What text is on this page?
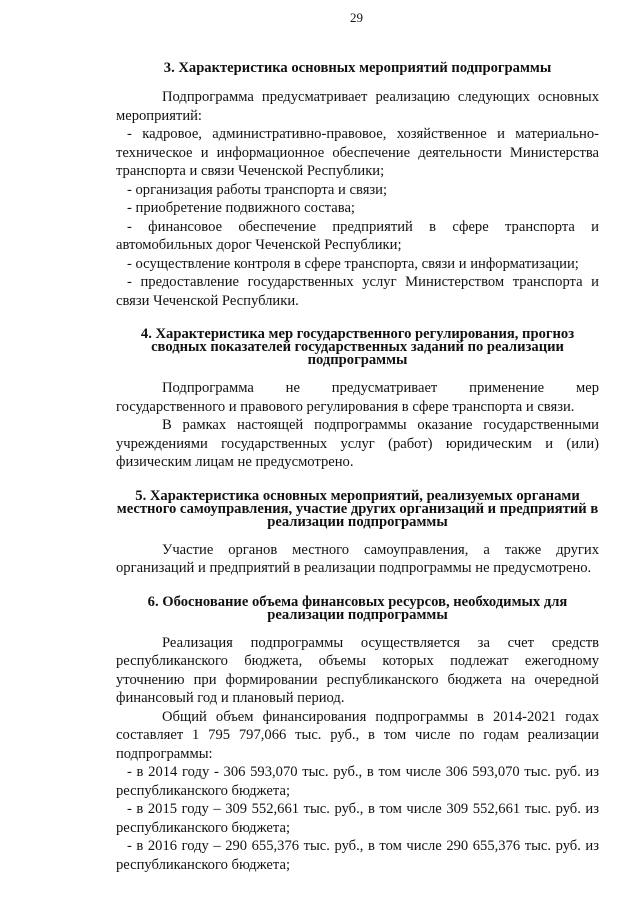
29
3. Характеристика основных мероприятий подпрограммы

Подпрограмма предусматривает реализацию следующих основных мероприятий:

- кадровое, административно-правовое, хозяйственное и материально-техническое и информационное обеспечение деятельности Министерства транспорта и связи Чеченской Республики;

- организация работы транспорта и связи;

- приобретение подвижного состава;

- финансовое обеспечение предприятий в сфере транспорта и автомобильных дорог Чеченской Республики;

- осуществление контроля в сфере транспорта, связи и информатизации;

- предоставление государственных услуг Министерством транспорта и связи Чеченской Республики.

4. Характеристика мер государственного регулирования, прогноз сводных показателей государственных заданий по реализации подпрограммы

Подпрограмма не предусматривает применение мер государственного и правового регулирования в сфере транспорта и связи.

В рамках настоящей подпрограммы оказание государственными учреждениями государственных услуг (работ) юридическим и (или) физическим лицам не предусмотрено.

5. Характеристика основных мероприятий, реализуемых органами местного самоуправления, участие других организаций и предприятий в реализации подпрограммы

Участие органов местного самоуправления, а также других организаций и предприятий в реализации подпрограммы не предусмотрено.

6. Обоснование объема финансовых ресурсов, необходимых для реализации подпрограммы

Реализация подпрограммы осуществляется за счет средств республиканского бюджета, объемы которых подлежат ежегодному уточнению при формировании республиканского бюджета на очередной финансовый год и плановый период.

Общий объем финансирования подпрограммы в 2014-2021 годах составляет 1 795 797,066 тыс. руб., в том числе по годам реализации подпрограммы:

- в 2014 году - 306 593,070 тыс. руб., в том числе 306 593,070 тыс. руб. из республиканского бюджета;

- в 2015 году – 309 552,661 тыс. руб., в том числе 309 552,661 тыс. руб. из республиканского бюджета;

- в 2016 году – 290 655,376 тыс. руб., в том числе 290 655,376 тыс. руб. из республиканского бюджета;
